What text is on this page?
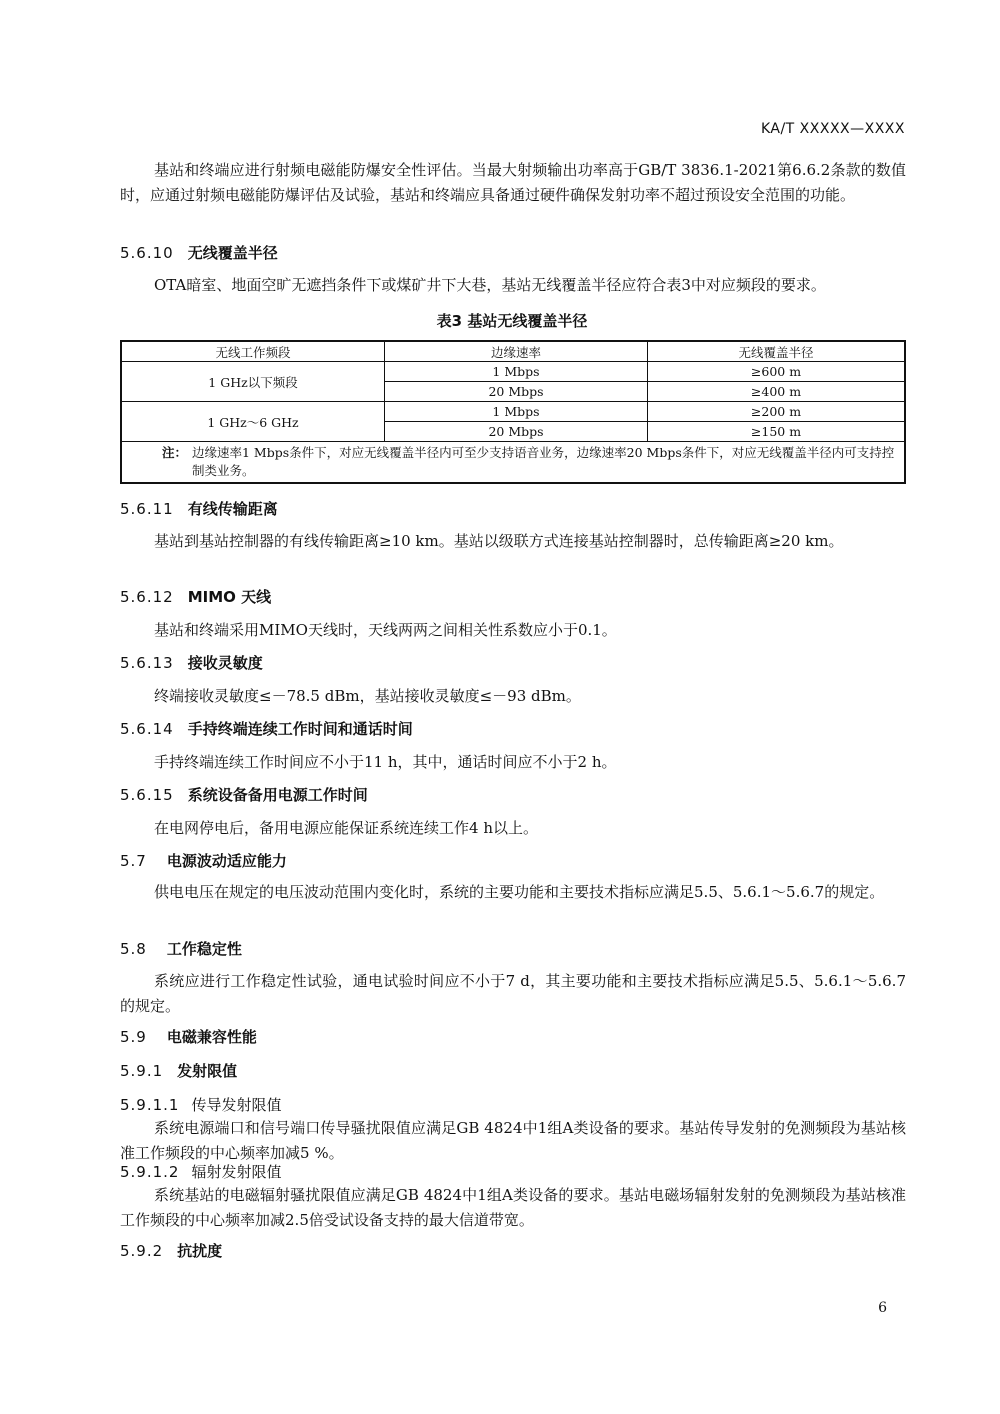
KA/T XXXXX—XXXX
基站和终端应进行射频电磁能防爆安全性评估。当最大射频输出功率高于GB/T 3836.1-2021第6.6.2条款的数值时，应通过射频电磁能防爆评估及试验，基站和终端应具备通过硬件确保发射功率不超过预设安全范围的功能。
5.6.10 无线覆盖半径
OTA暗室、地面空旷无遮挡条件下或煤矿井下大巷，基站无线覆盖半径应符合表3中对应频段的要求。
表3 基站无线覆盖半径
无线工作频段	边缘速率	无线覆盖半径
1 GHz以下频段	1 Mbps	≥600 m
	20 Mbps	≥400 m
1 GHz～6 GHz	1 Mbps	≥200 m
	20 Mbps	≥150 m

注： 边缘速率1 Mbps条件下，对应无线覆盖半径内可至少支持语音业务，边缘速率20 Mbps条件下，对应无线覆盖半径内可支持控制类业务。		
5.6.11 有线传输距离
基站到基站控制器的有线传输距离≥10 km。基站以级联方式连接基站控制器时，总传输距离≥20 km。
5.6.12 MIMO 天线
基站和终端采用MIMO天线时，天线两两之间相关性系数应小于0.1。
5.6.13 接收灵敏度
终端接收灵敏度≤－78.5 dBm，基站接收灵敏度≤－93 dBm。
5.6.14 手持终端连续工作时间和通话时间
手持终端连续工作时间应不小于11 h，其中，通话时间应不小于2 h。
5.6.15 系统设备备用电源工作时间
在电网停电后，备用电源应能保证系统连续工作4 h以上。
5.7 电源波动适应能力
供电电压在规定的电压波动范围内变化时，系统的主要功能和主要技术指标应满足5.5、5.6.1～5.6.7的规定。
5.8 工作稳定性
系统应进行工作稳定性试验，通电试验时间应不小于7 d，其主要功能和主要技术指标应满足5.5、5.6.1～5.6.7的规定。
5.9 电磁兼容性能
5.9.1 发射限值
5.9.1.1 传导发射限值
系统电源端口和信号端口传导骚扰限值应满足GB 4824中1组A类设备的要求。基站传导发射的免测频段为基站核准工作频段的中心频率加减5 %。
5.9.1.2 辐射发射限值
系统基站的电磁辐射骚扰限值应满足GB 4824中1组A类设备的要求。基站电磁场辐射发射的免测频段为基站核准工作频段的中心频率加减2.5倍受试设备支持的最大信道带宽。
5.9.2 抗扰度
6
